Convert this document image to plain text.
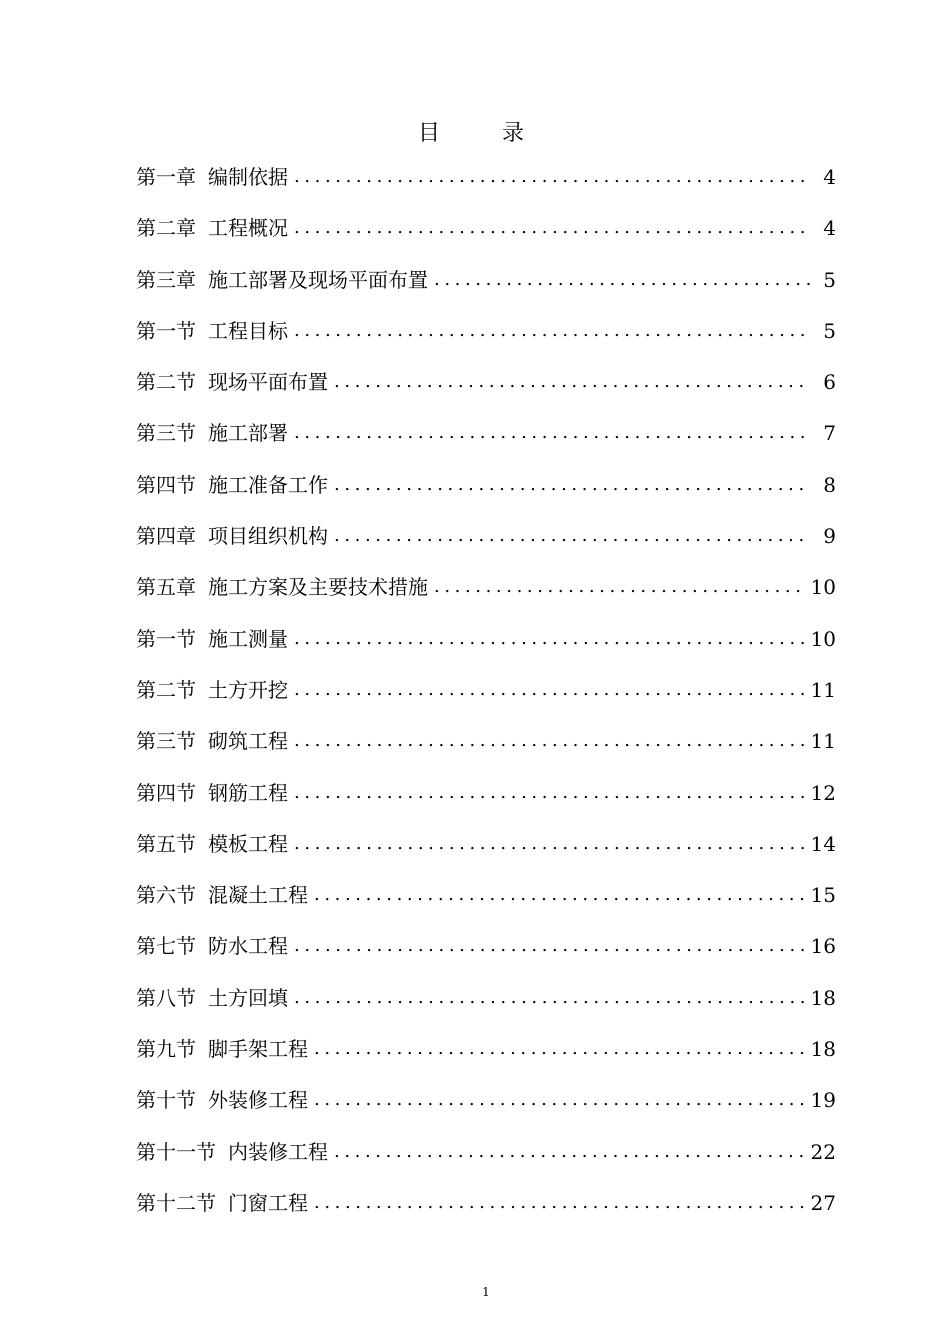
目　录
第一章 编制依据 .....	4
第二章 工程概况 .....	4
第三章 施工部署及现场平面布置 .....	5
第一节 工程目标 .....	5
第二节 现场平面布置 .....	6
第三节 施工部署 .....	7
第四节 施工准备工作 .....	8
第四章 项目组织机构 .....	9
第五章 施工方案及主要技术措施 .....	10
第一节 施工测量 .....	10
第二节 土方开挖 .....	11
第三节 砌筑工程 .....	11
第四节 钢筋工程 .....	12
第五节 模板工程 .....	14
第六节 混凝土工程 .....	15
第七节 防水工程 .....	16
第八节 土方回填 .....	18
第九节 脚手架工程 .....	18
第十节 外装修工程 .....	19
第十一节 内装修工程 .....	22
第十二节 门窗工程 .....	27
1
